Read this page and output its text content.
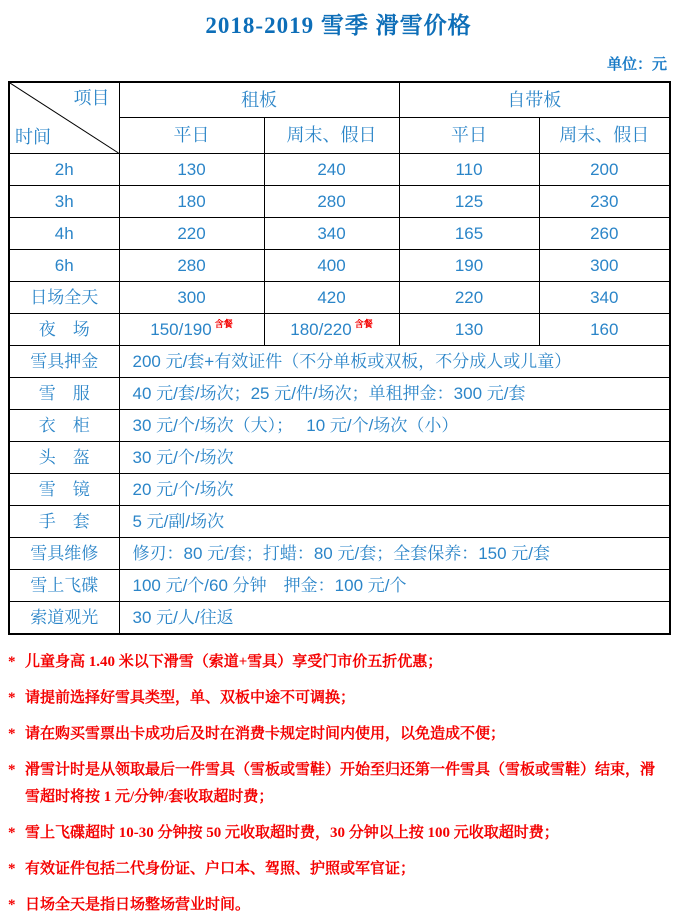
2018-2019 雪季 滑雪价格
单位：元
项目
时间	租板		自带板	
	平日	周末、假日	平日	周末、假日
2h	130	240	110	200
3h	180	280	125	230
4h	220	340	165	260
6h	280	400	190	300
日场全天	300	420	220	340
夜　场	150/190 $^{含餐}$	180/220 $^{含餐}$	130	160
雪具押金	200 元/套+有效证件（不分单板或双板，不分成人或儿童）			
雪　服	40 元/套/场次；25 元/件/场次；单租押金：300 元/套			
衣　柜	30 元/个/场次（大）；　 10 元/个/场次（小）			
头　盔	30 元/个/场次			
雪　镜	20 元/个/场次			
手　套	5 元/副/场次			
雪具维修	修刃：80 元/套；打蜡：80 元/套；全套保养：150 元/套			
雪上飞碟	100 元/个/60 分钟　押金：100 元/个			
索道观光	30 元/人/往返			
* 儿童身高 1.40 米以下滑雪（索道+雪具）享受门市价五折优惠；
* 请提前选择好雪具类型，单、双板中途不可调换；
* 请在购买雪票出卡成功后及时在消费卡规定时间内使用，以免造成不便；
* 滑雪计时是从领取最后一件雪具（雪板或雪鞋）开始至归还第一件雪具（雪板或雪鞋）结束，滑雪超时将按 1 元/分钟/套收取超时费；
* 雪上飞碟超时 10-30 分钟按 50 元收取超时费，30 分钟以上按 100 元收取超时费；
* 有效证件包括二代身份证、户口本、驾照、护照或军官证；
* 日场全天是指日场整场营业时间。
